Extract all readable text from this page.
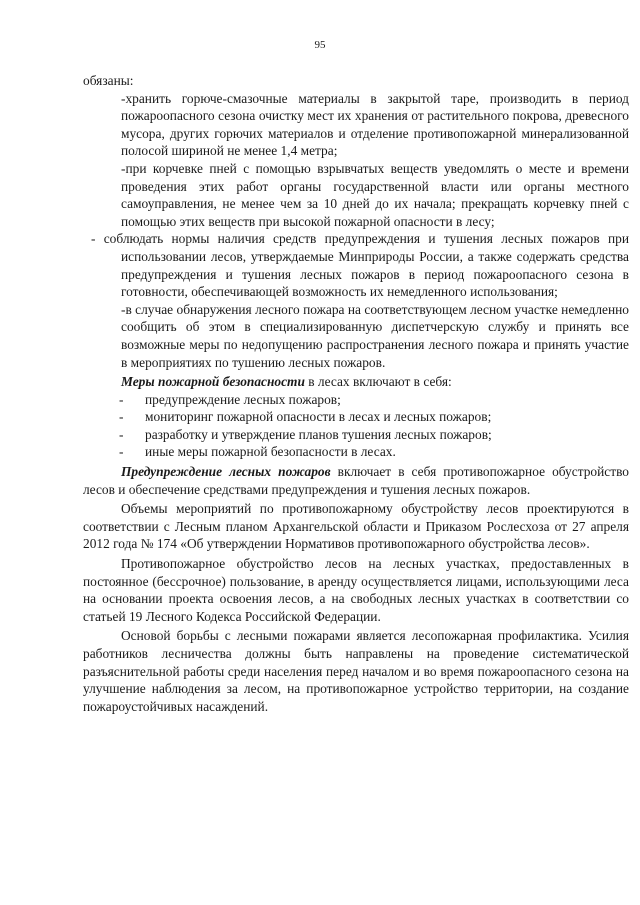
95

обязаны:

-хранить горюче-смазочные материалы в закрытой таре, производить в период пожароопасного сезона очистку мест их хранения от растительного покрова, древесного мусора, других горючих материалов и отделение противопожарной минерализованной полосой шириной не менее 1,4 метра;

-при корчевке пней с помощью взрывчатых веществ уведомлять о месте и времени проведения этих работ органы государственной власти или органы местного самоуправления, не менее чем за 10 дней до их начала; прекращать корчевку пней с помощью этих веществ при высокой пожарной опасности в лесу;

- соблюдать нормы наличия средств предупреждения и тушения лесных пожаров при использовании лесов, утверждаемые Минприроды России, а также содержать средства предупреждения и тушения лесных пожаров в период пожароопасного сезона в готовности, обеспечивающей возможность их немедленного использования;

-в случае обнаружения лесного пожара на соответствующем лесном участке немедленно сообщить об этом в специализированную диспетчерскую службу и принять все возможные меры по недопущению распространения лесного пожара и принять участие в мероприятиях по тушению лесных пожаров.

Меры пожарной безопасности в лесах включают в себя:

- предупреждение лесных пожаров;
- мониторинг пожарной опасности в лесах и лесных пожаров;
- разработку и утверждение планов тушения лесных пожаров;
- иные меры пожарной безопасности в лесах.

Предупреждение лесных пожаров включает в себя противопожарное обустройство лесов и обеспечение средствами предупреждения и тушения лесных пожаров.

Объемы мероприятий по противопожарному обустройству лесов проектируются в соответствии с Лесным планом Архангельской области и Приказом Рослесхоза от 27 апреля 2012 года № 174 «Об утверждении Нормативов противопожарного обустройства лесов».

Противопожарное обустройство лесов на лесных участках, предоставленных в постоянное (бессрочное) пользование, в аренду осуществляется лицами, использующими леса на основании проекта освоения лесов, а на свободных лесных участках в соответствии со статьей 19 Лесного Кодекса Российской Федерации.

Основой борьбы с лесными пожарами является лесопожарная профилактика. Усилия работников лесничества должны быть направлены на проведение систематической разъяснительной работы среди населения перед началом и во время пожароопасного сезона на улучшение наблюдения за лесом, на противопожарное устройство территории, на создание пожароустойчивых насаждений.
